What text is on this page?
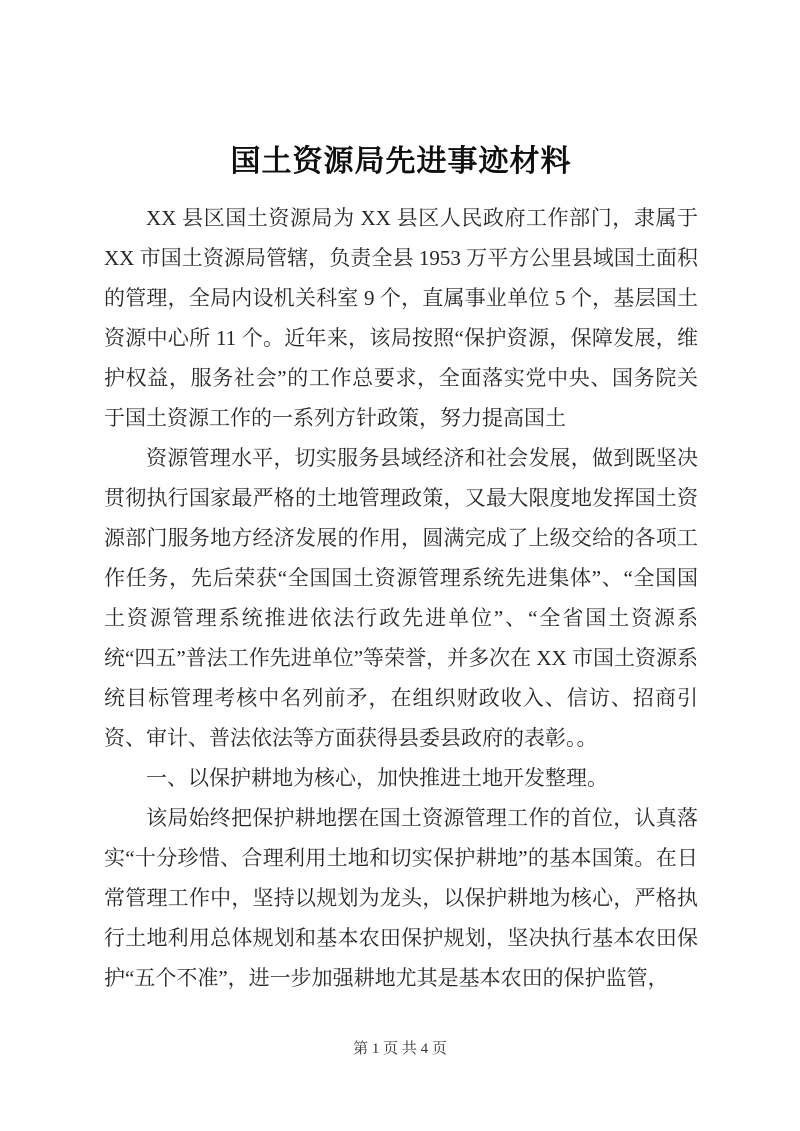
国土资源局先进事迹材料

XX 县区国土资源局为 XX 县区人民政府工作部门，隶属于 XX 市国土资源局管辖，负责全县 1953 万平方公里县域国土面积的管理，全局内设机关科室 9 个，直属事业单位 5 个，基层国土资源中心所 11 个。近年来，该局按照“保护资源，保障发展，维护权益，服务社会”的工作总要求，全面落实党中央、国务院关于国土资源工作的一系列方针政策，努力提高国土

资源管理水平，切实服务县域经济和社会发展，做到既坚决贯彻执行国家最严格的土地管理政策，又最大限度地发挥国土资源部门服务地方经济发展的作用，圆满完成了上级交给的各项工作任务，先后荣获“全国国土资源管理系统先进集体”、“全国国土资源管理系统推进依法行政先进单位”、“全省国土资源系统“四五”普法工作先进单位”等荣誉，并多次在 XX 市国土资源系统目标管理考核中名列前矛，在组织财政收入、信访、招商引资、审计、普法依法等方面获得县委县政府的表彰。。

一、以保护耕地为核心，加快推进土地开发整理。

该局始终把保护耕地摆在国土资源管理工作的首位，认真落实“十分珍惜、合理利用土地和切实保护耕地”的基本国策。在日常管理工作中，坚持以规划为龙头，以保护耕地为核心，严格执行土地利用总体规划和基本农田保护规划，坚决执行基本农田保护“五个不准”，进一步加强耕地尤其是基本农田的保护监管，

第 1 页 共 4 页
